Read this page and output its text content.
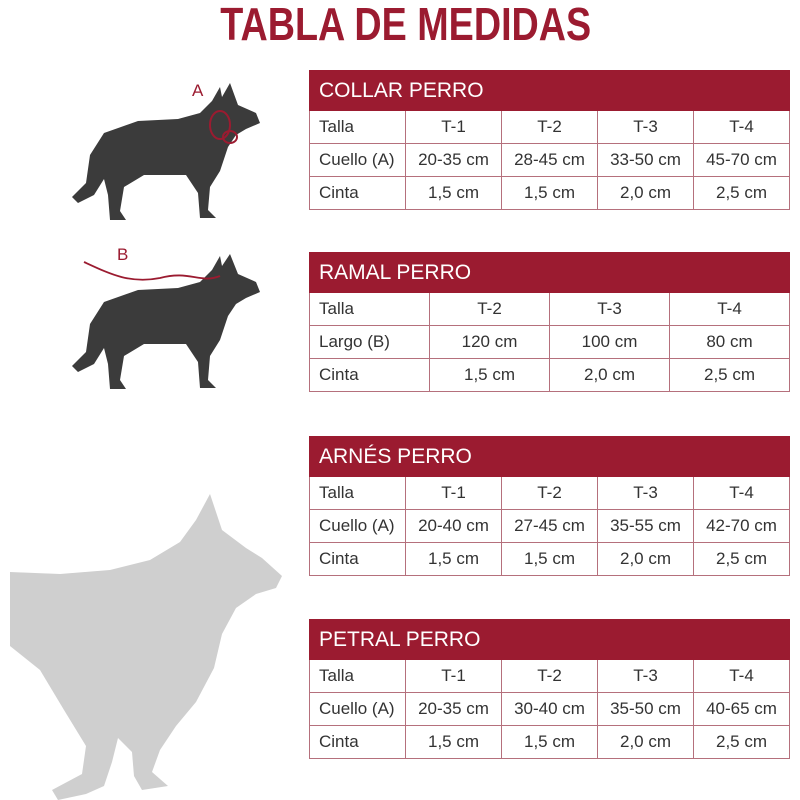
TABLA DE MEDIDAS
A
B
COLLAR PERRO				
Talla	T-1	T-2	T-3	T-4
Cuello (A)	20-35 cm	28-45 cm	33-50 cm	45-70 cm
Cinta	1,5 cm	1,5 cm	2,0 cm	2,5 cm
RAMAL PERRO			
Talla	T-2	T-3	T-4
Largo (B)	120 cm	100 cm	80 cm
Cinta	1,5 cm	2,0 cm	2,5 cm
ARNÉS PERRO				
Talla	T-1	T-2	T-3	T-4
Cuello (A)	20-40 cm	27-45 cm	35-55 cm	42-70 cm
Cinta	1,5 cm	1,5 cm	2,0 cm	2,5 cm
PETRAL PERRO				
Talla	T-1	T-2	T-3	T-4
Cuello (A)	20-35 cm	30-40 cm	35-50 cm	40-65 cm
Cinta	1,5 cm	1,5 cm	2,0 cm	2,5 cm
